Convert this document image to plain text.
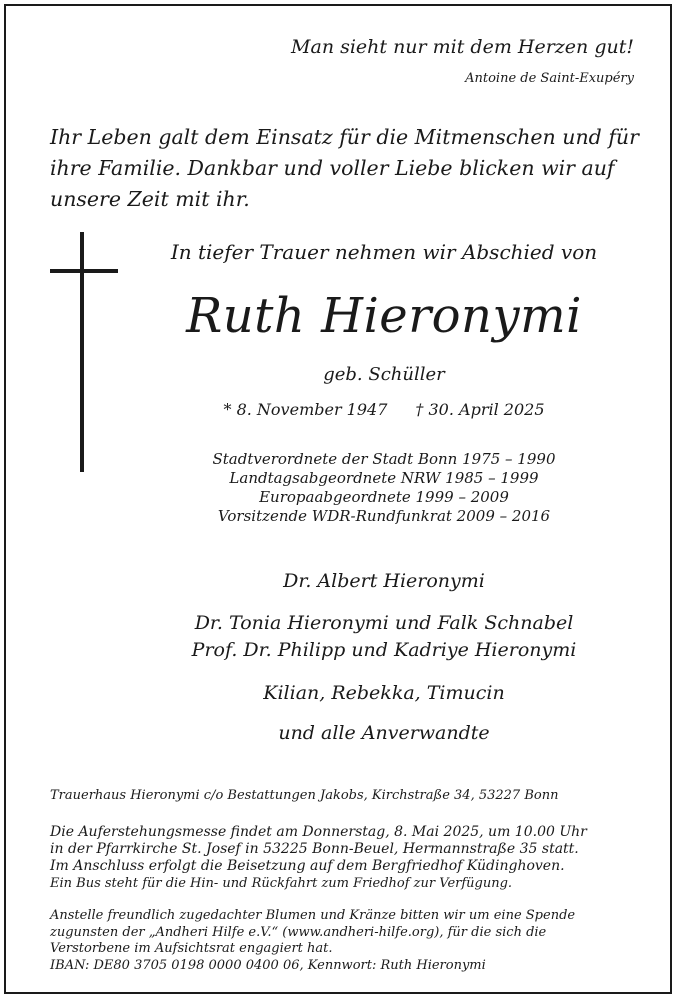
Man sieht nur mit dem Herzen gut!
Antoine de Saint-Exupéry
Ihr Leben galt dem Einsatz für die Mitmenschen und für ihre Familie. Dankbar und voller Liebe blicken wir auf unsere Zeit mit ihr.
In tiefer Trauer nehmen wir Abschied von
Ruth Hieronymi
geb. Schüller
* 8. November 1947 † 30. April 2025
Stadtverordnete der Stadt Bonn 1975 – 1990
Landtagsabgeordnete NRW 1985 – 1999
Europaabgeordnete 1999 – 2009
Vorsitzende WDR-Rundfunkrat 2009 – 2016
Dr. Albert Hieronymi
Dr. Tonia Hieronymi und Falk Schnabel
Prof. Dr. Philipp und Kadriye Hieronymi
Kilian, Rebekka, Timucin
und alle Anverwandte
Trauerhaus Hieronymi c/o Bestattungen Jakobs, Kirchstraße 34, 53227 Bonn
Die Auferstehungsmesse findet am Donnerstag, 8. Mai 2025, um 10.00 Uhr
in der Pfarrkirche St. Josef in 53225 Bonn-Beuel, Hermannstraße 35 statt.
Im Anschluss erfolgt die Beisetzung auf dem Bergfriedhof Küdinghoven.
Ein Bus steht für die Hin- und Rückfahrt zum Friedhof zur Verfügung.
Anstelle freundlich zugedachter Blumen und Kränze bitten wir um eine Spende
zugunsten der „Andheri Hilfe e.V.“ (www.andheri-hilfe.org), für die sich die
Verstorbene im Aufsichtsrat engagiert hat.
IBAN: DE80 3705 0198 0000 0400 06, Kennwort: Ruth Hieronymi
